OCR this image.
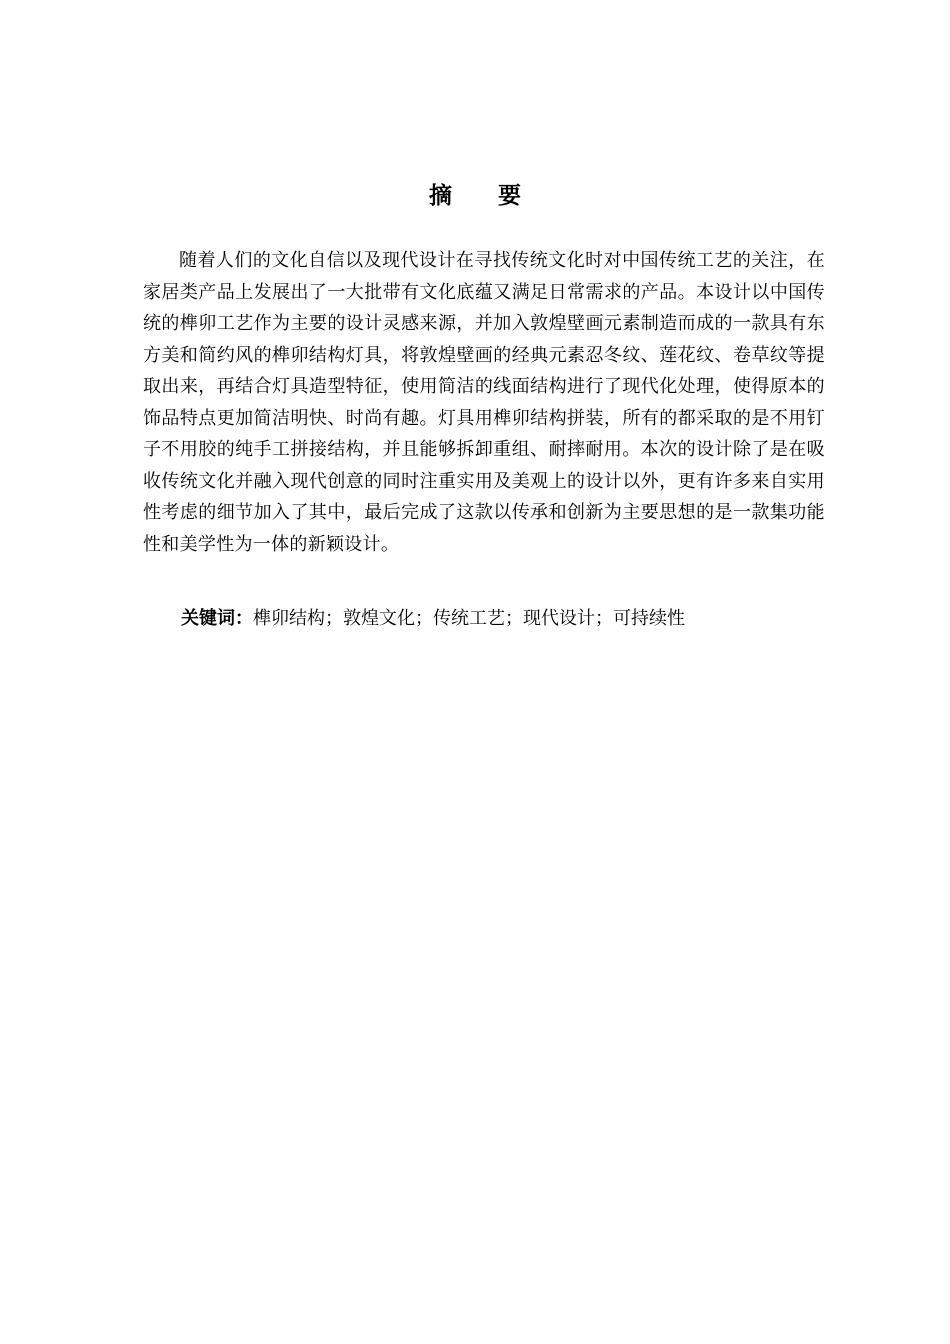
摘 要

随着人们的文化自信以及现代设计在寻找传统文化时对中国传统工艺的关注，在家居类产品上发展出了一大批带有文化底蕴又满足日常需求的产品。本设计以中国传统的榫卯工艺作为主要的设计灵感来源，并加入敦煌壁画元素制造而成的一款具有东方美和简约风的榫卯结构灯具，将敦煌壁画的经典元素忍冬纹、莲花纹、卷草纹等提取出来，再结合灯具造型特征，使用简洁的线面结构进行了现代化处理，使得原本的饰品特点更加简洁明快、时尚有趣。灯具用榫卯结构拼装，所有的都采取的是不用钉子不用胶的纯手工拼接结构，并且能够拆卸重组、耐摔耐用。本次的设计除了是在吸收传统文化并融入现代创意的同时注重实用及美观上的设计以外，更有许多来自实用性考虑的细节加入了其中，最后完成了这款以传承和创新为主要思想的是一款集功能性和美学性为一体的新颖设计。

关键词：榫卯结构；敦煌文化；传统工艺；现代设计；可持续性
